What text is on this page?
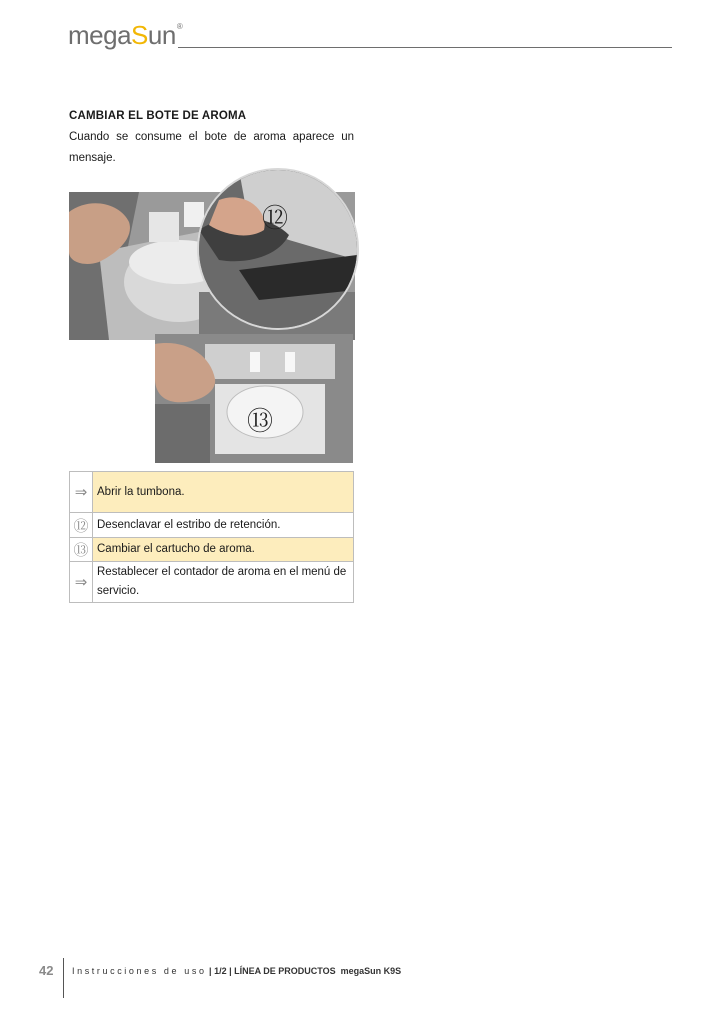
megaSun®
CAMBIAR EL BOTE DE AROMA
Cuando se consume el bote de aroma aparece un mensaje.
⑬
⑫
⇒	Abrir la tumbona.
⑫	Desenclavar el estribo de retención.
⑬	Cambiar el cartucho de aroma.
⇒	Restablecer el contador de aroma en el menú de servicio.
42 Instrucciones de uso | 1/2 | LÍNEA DE PRODUCTOS megaSun K9S
